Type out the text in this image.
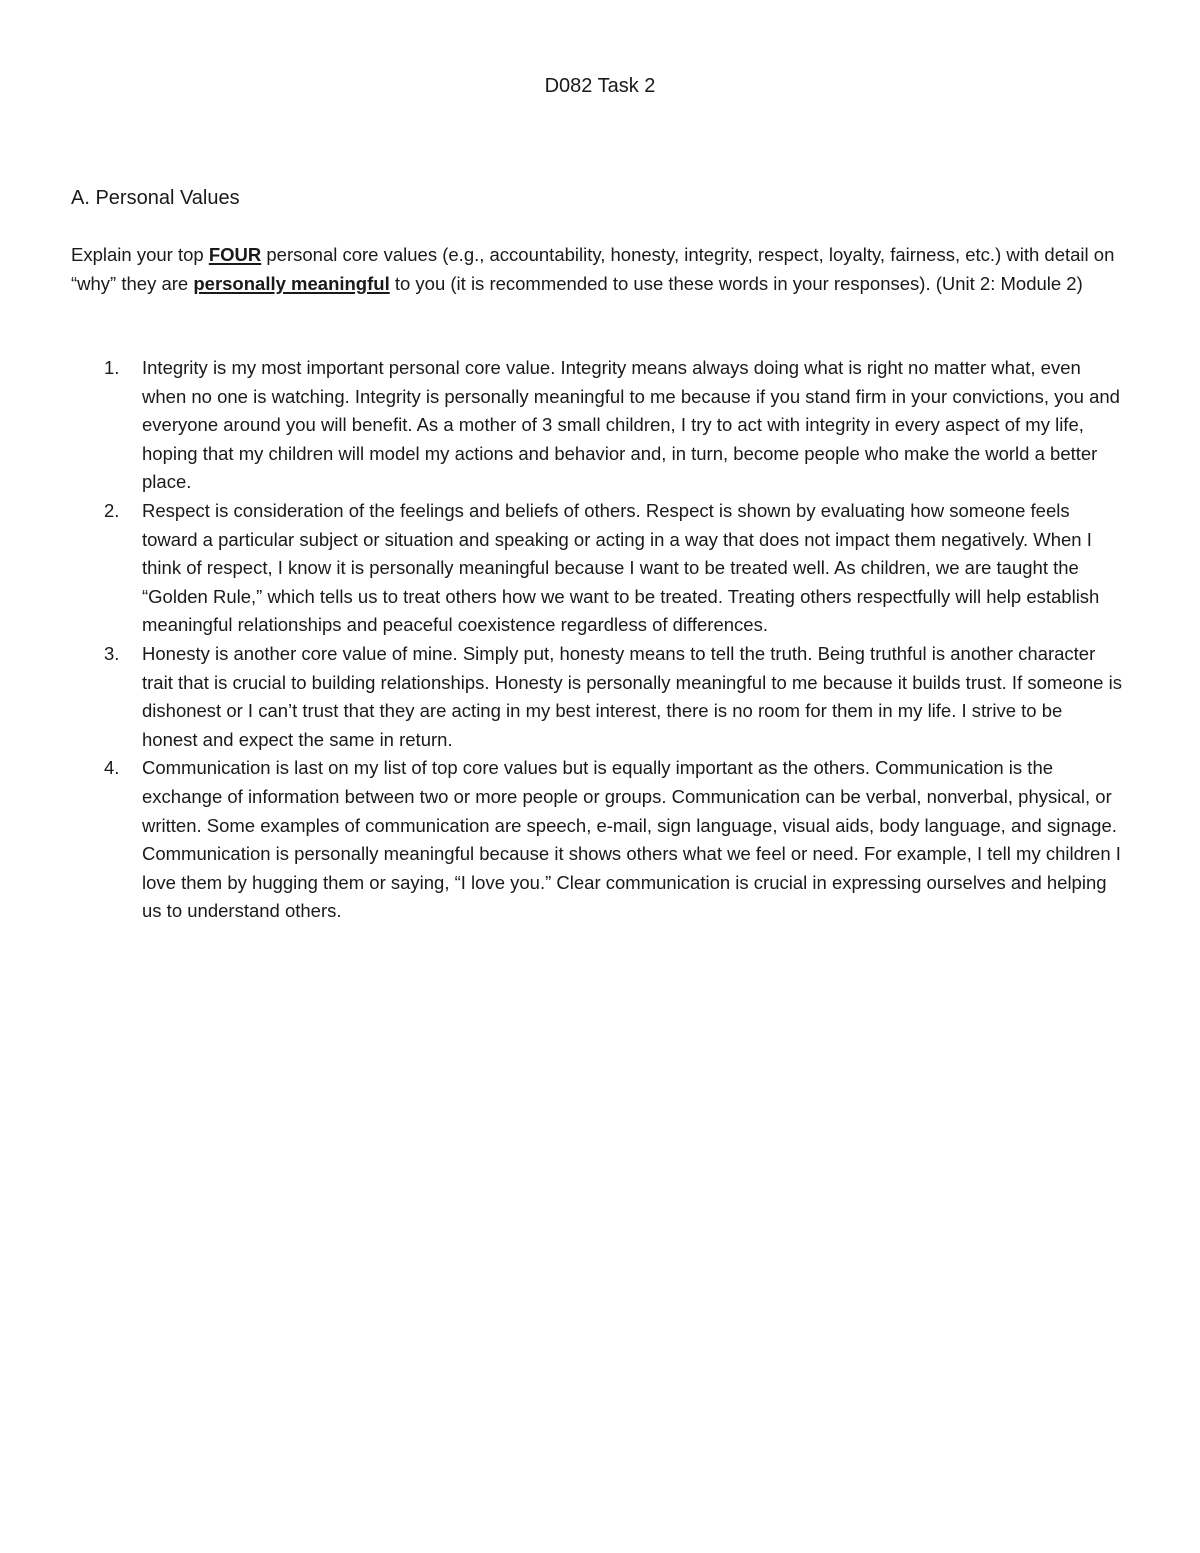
D082 Task 2
A. Personal Values
Explain your top FOUR personal core values (e.g., accountability, honesty, integrity, respect, loyalty, fairness, etc.) with detail on “why” they are personally meaningful to you (it is recommended to use these words in your responses). (Unit 2: Module 2)
1. Integrity is my most important personal core value. Integrity means always doing what is right no matter what, even when no one is watching. Integrity is personally meaningful to me because if you stand firm in your convictions, you and everyone around you will benefit. As a mother of 3 small children, I try to act with integrity in every aspect of my life, hoping that my children will model my actions and behavior and, in turn, become people who make the world a better place.
2. Respect is consideration of the feelings and beliefs of others. Respect is shown by evaluating how someone feels toward a particular subject or situation and speaking or acting in a way that does not impact them negatively. When I think of respect, I know it is personally meaningful because I want to be treated well. As children, we are taught the “Golden Rule,” which tells us to treat others how we want to be treated. Treating others respectfully will help establish meaningful relationships and peaceful coexistence regardless of differences.
3. Honesty is another core value of mine. Simply put, honesty means to tell the truth. Being truthful is another character trait that is crucial to building relationships. Honesty is personally meaningful to me because it builds trust. If someone is dishonest or I can’t trust that they are acting in my best interest, there is no room for them in my life. I strive to be honest and expect the same in return.
4. Communication is last on my list of top core values but is equally important as the others. Communication is the exchange of information between two or more people or groups. Communication can be verbal, nonverbal, physical, or written. Some examples of communication are speech, e-mail, sign language, visual aids, body language, and signage. Communication is personally meaningful because it shows others what we feel or need. For example, I tell my children I love them by hugging them or saying, “I love you.” Clear communication is crucial in expressing ourselves and helping us to understand others.
